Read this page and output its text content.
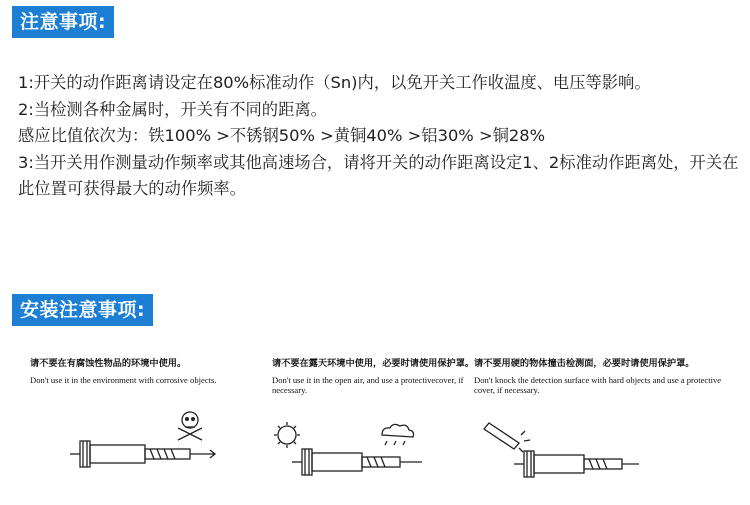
注意事项:

1:开关的动作距离请设定在80%标准动作（Sn)内，以免开关工作收温度、电压等影响。

2:当检测各种金属时，开关有不同的距离。

感应比值依次为：铁100% >不锈钢50% >黄铜40% >铝30% >铜28%

3:当开关用作测量动作频率或其他高速场合，请将开关的动作距离设定1、2标准动作距离处，开关在此位置可获得最大的动作频率。

安装注意事项:
请不要在有腐蚀性物品的环境中使用。
Don't use it in the environment with corrosive objects.
请不要在露天环境中使用，必要时请使用保护罩。
Don't use it in the open air, and use a protectivecover, if necessary.
请不要用硬的物体撞击检测面，必要时请使用保护罩。
Don't knock the detection surface with hard objects and use a protective cover, if necessary.
